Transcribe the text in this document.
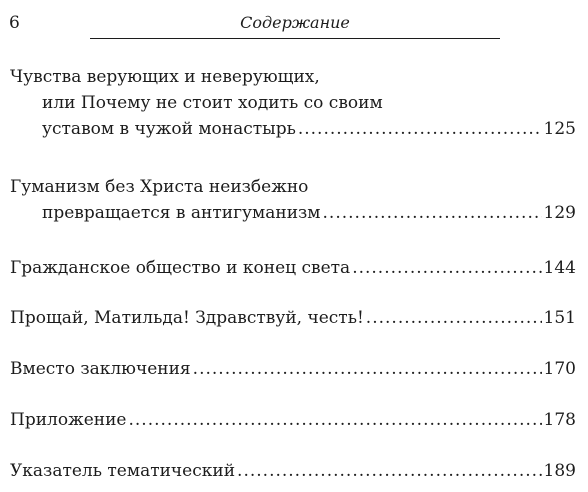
6	Содержание
Чувства верующих и неверующих,
или Почему не стоит ходить со своим
уставом в чужой монастырь .....	125
Гуманизм без Христа неизбежно
превращается в антигуманизм .....	129
Гражданское общество и конец света .....	144
Прощай, Матильда! Здравствуй, честь! .....	151
Вместо заключения .....	170
Приложение .....	178
Указатель тематический .....	189
